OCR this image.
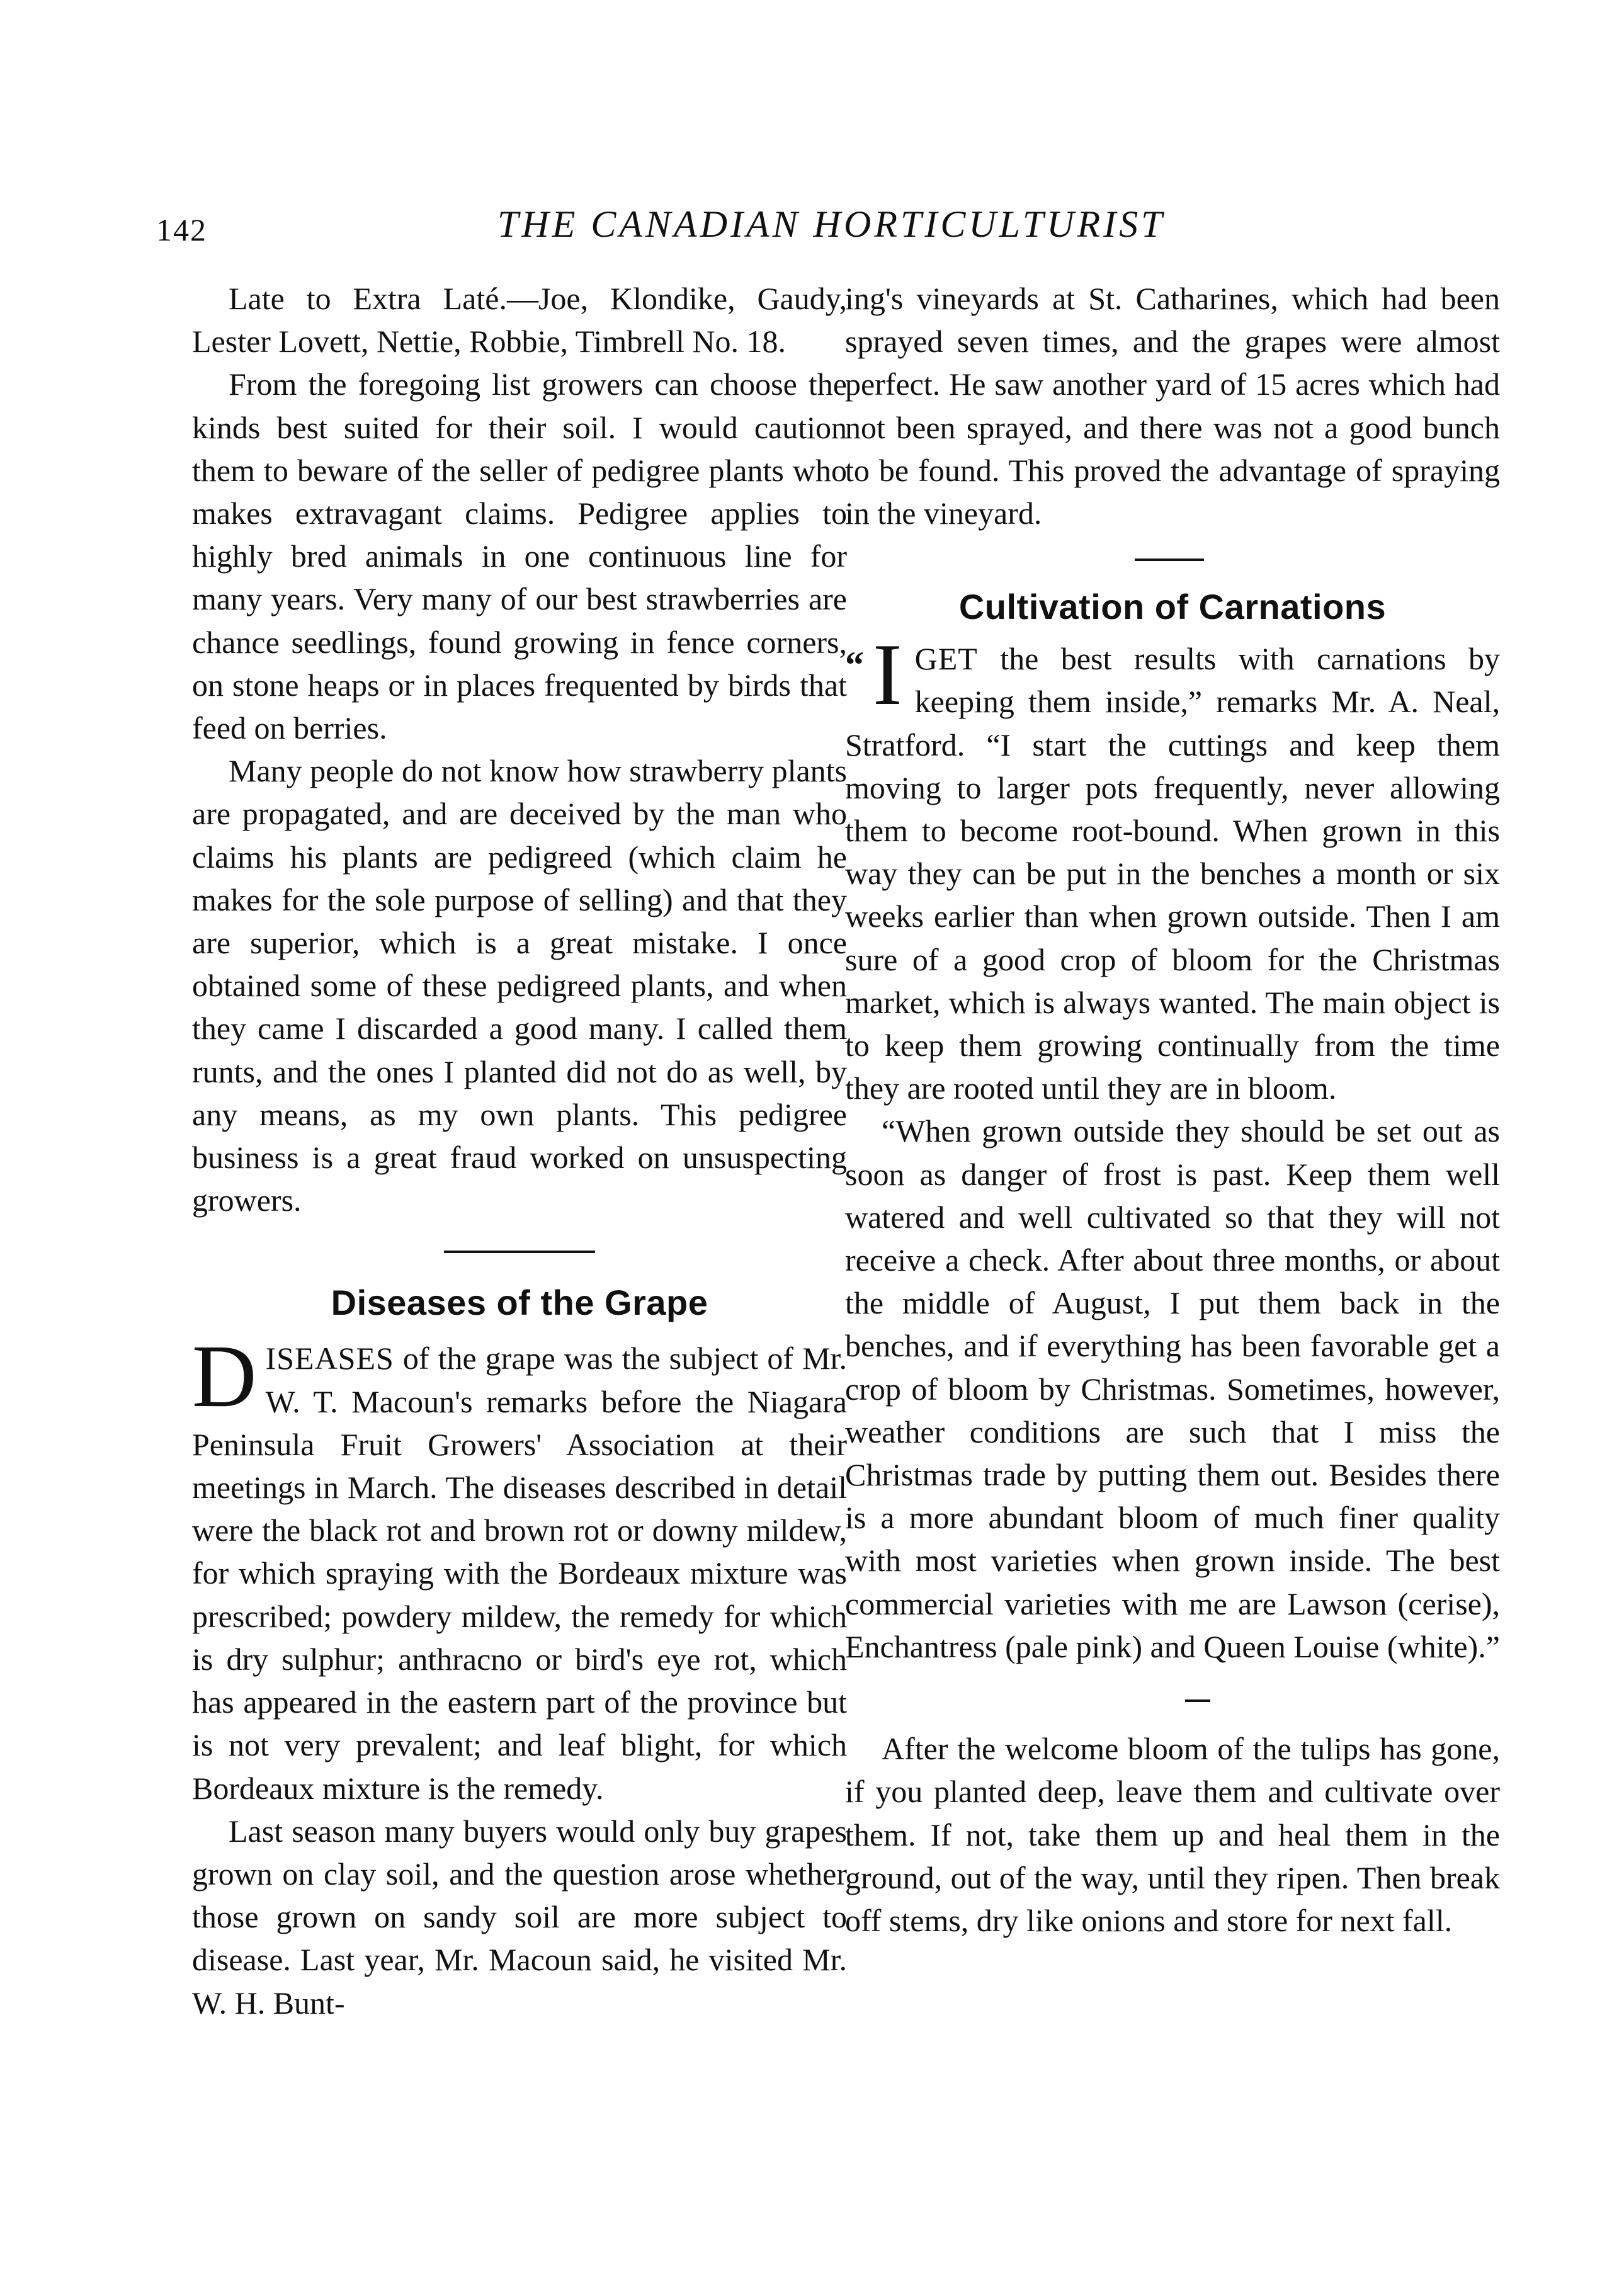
142	THE CANADIAN HORTICULTURIST

Late to Extra Laté.—Joe, Klondike, Gaudy, Lester Lovett, Nettie, Robbie, Timbrell No. 18.

From the foregoing list growers can choose the kinds best suited for their soil. I would caution them to beware of the seller of pedigree plants who makes extravagant claims. Pedigree applies to highly bred animals in one continuous line for many years. Very many of our best strawberries are chance seedlings, found growing in fence corners, on stone heaps or in places frequented by birds that feed on berries.

Many people do not know how strawberry plants are propagated, and are deceived by the man who claims his plants are pedigreed (which claim he makes for the sole purpose of selling) and that they are superior, which is a great mistake. I once obtained some of these pedigreed plants, and when they came I discarded a good many. I called them runts, and the ones I planted did not do as well, by any means, as my own plants. This pedigree business is a great fraud worked on unsuspecting growers.

Diseases of the Grape

DISEASES of the grape was the subject of Mr. W. T. Macoun's remarks before the Niagara Peninsula Fruit Growers' Association at their meetings in March. The diseases described in detail were the black rot and brown rot or downy mildew, for which spraying with the Bordeaux mixture was prescribed; powdery mildew, the remedy for which is dry sulphur; anthracno or bird's eye rot, which has appeared in the eastern part of the province but is not very prevalent; and leaf blight, for which Bordeaux mixture is the remedy.

Last season many buyers would only buy grapes grown on clay soil, and the question arose whether those grown on sandy soil are more subject to disease. Last year, Mr. Macoun said, he visited Mr. W. H. Bunt-

ing's vineyards at St. Catharines, which had been sprayed seven times, and the grapes were almost perfect. He saw another yard of 15 acres which had not been sprayed, and there was not a good bunch to be found. This proved the advantage of spraying in the vineyard.

Cultivation of Carnations

“ I GET the best results with carnations by keeping them inside,” remarks Mr. A. Neal, Stratford. “I start the cuttings and keep them moving to larger pots frequently, never allowing them to become root-bound. When grown in this way they can be put in the benches a month or six weeks earlier than when grown outside. Then I am sure of a good crop of bloom for the Christmas market, which is always wanted. The main object is to keep them growing continually from the time they are rooted until they are in bloom.

“When grown outside they should be set out as soon as danger of frost is past. Keep them well watered and well cultivated so that they will not receive a check. After about three months, or about the middle of August, I put them back in the benches, and if everything has been favorable get a crop of bloom by Christmas. Sometimes, however, weather conditions are such that I miss the Christmas trade by putting them out. Besides there is a more abundant bloom of much finer quality with most varieties when grown inside. The best commercial varieties with me are Lawson (cerise), Enchantress (pale pink) and Queen Louise (white).”

After the welcome bloom of the tulips has gone, if you planted deep, leave them and cultivate over them. If not, take them up and heal them in the ground, out of the way, until they ripen. Then break off stems, dry like onions and store for next fall.
